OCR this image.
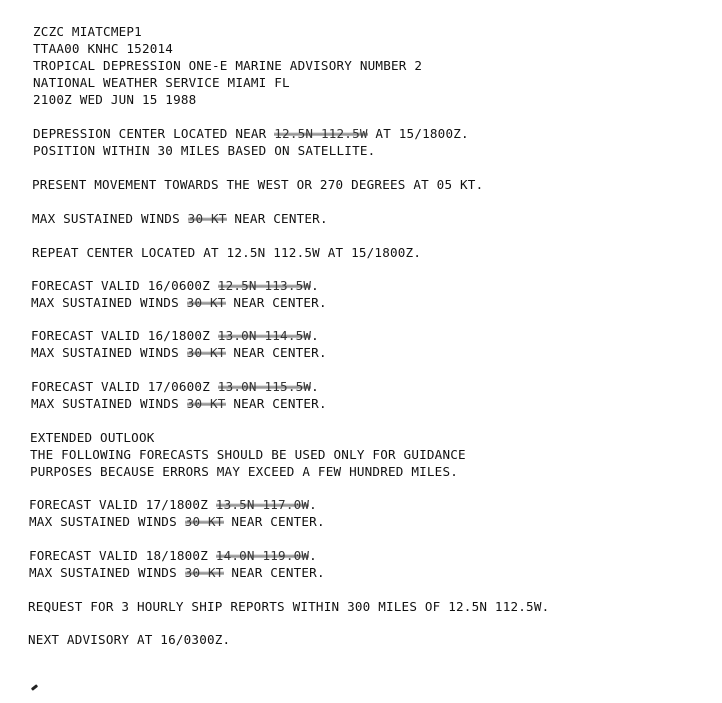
ZCZC MIATCMEP1
TTAA00 KNHC 152014
TROPICAL DEPRESSION ONE-E MARINE ADVISORY NUMBER 2
NATIONAL WEATHER SERVICE MIAMI FL
2100Z WED JUN 15 1988
DEPRESSION CENTER LOCATED NEAR 12.5N 112.5W AT 15/1800Z.
POSITION WITHIN 30 MILES BASED ON SATELLITE.
PRESENT MOVEMENT TOWARDS THE WEST OR 270 DEGREES AT 05 KT.
MAX SUSTAINED WINDS 30 KT NEAR CENTER.
REPEAT CENTER LOCATED AT 12.5N 112.5W AT 15/1800Z.
FORECAST VALID 16/0600Z 12.5N 113.5W.
MAX SUSTAINED WINDS 30 KT NEAR CENTER.
FORECAST VALID 16/1800Z 13.0N 114.5W.
MAX SUSTAINED WINDS 30 KT NEAR CENTER.
FORECAST VALID 17/0600Z 13.0N 115.5W.
MAX SUSTAINED WINDS 30 KT NEAR CENTER.
EXTENDED OUTLOOK
THE FOLLOWING FORECASTS SHOULD BE USED ONLY FOR GUIDANCE
PURPOSES BECAUSE ERRORS MAY EXCEED A FEW HUNDRED MILES.
FORECAST VALID 17/1800Z 13.5N 117.0W.
MAX SUSTAINED WINDS 30 KT NEAR CENTER.
FORECAST VALID 18/1800Z 14.0N 119.0W.
MAX SUSTAINED WINDS 30 KT NEAR CENTER.
REQUEST FOR 3 HOURLY SHIP REPORTS WITHIN 300 MILES OF 12.5N 112.5W.
NEXT ADVISORY AT 16/0300Z.
